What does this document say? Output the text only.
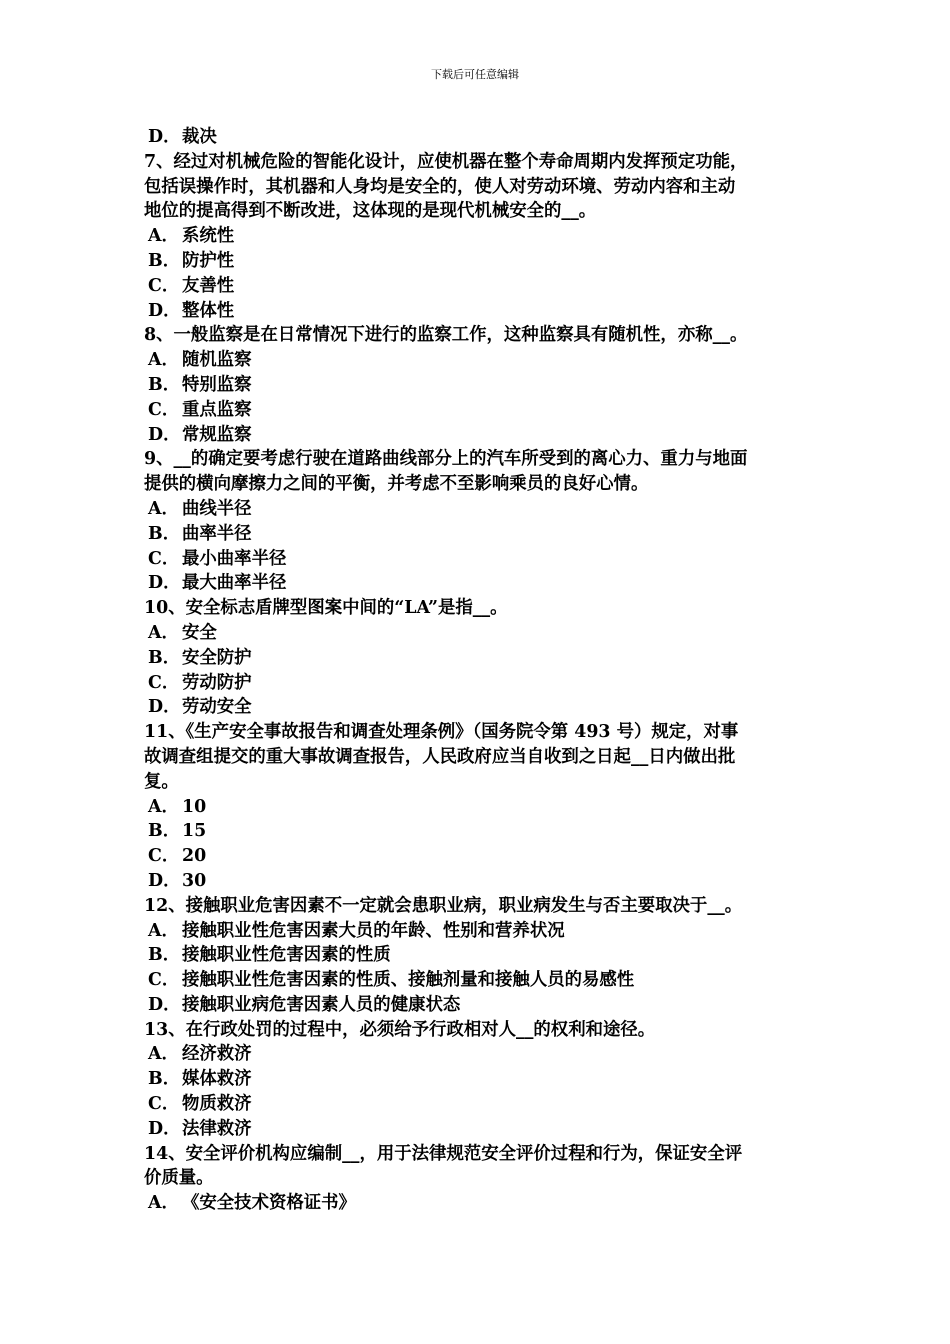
下载后可任意编辑
D．裁决
7、经过对机械危险的智能化设计，应使机器在整个寿命周期内发挥预定功能，
包括误操作时，其机器和人身均是安全的，使人对劳动环境、劳动内容和主动
地位的提高得到不断改进，这体现的是现代机械安全的__。
A． 系统性
B． 防护性
C． 友善性
D．整体性
8、一般监察是在日常情况下进行的监察工作，这种监察具有随机性，亦称__。
A． 随机监察
B． 特别监察
C． 重点监察
D．常规监察
9、__的确定要考虑行驶在道路曲线部分上的汽车所受到的离心力、重力与地面
提供的横向摩擦力之间的平衡，并考虑不至影响乘员的良好心情。
A． 曲线半径
B． 曲率半径
C． 最小曲率半径
D．最大曲率半径
10、安全标志盾牌型图案中间的“LA”是指__。
A． 安全
B． 安全防护
C． 劳动防护
D．劳动安全
11、《生产安全事故报告和调查处理条例》（国务院令第 493 号）规定，对事
故调查组提交的重大事故调查报告，人民政府应当自收到之日起__日内做出批
复。
A． 10
B． 15
C． 20
D．30
12、接触职业危害因素不一定就会患职业病，职业病发生与否主要取决于__。
A． 接触职业性危害因素大员的年龄、性别和营养状况
B． 接触职业性危害因素的性质
C． 接触职业性危害因素的性质、接触剂量和接触人员的易感性
D．接触职业病危害因素人员的健康状态
13、在行政处罚的过程中，必须给予行政相对人__的权利和途径。
A． 经济救济
B． 媒体救济
C． 物质救济
D．法律救济
14、安全评价机构应编制__，用于法律规范安全评价过程和行为，保证安全评
价质量。
A． 《安全技术资格证书》
